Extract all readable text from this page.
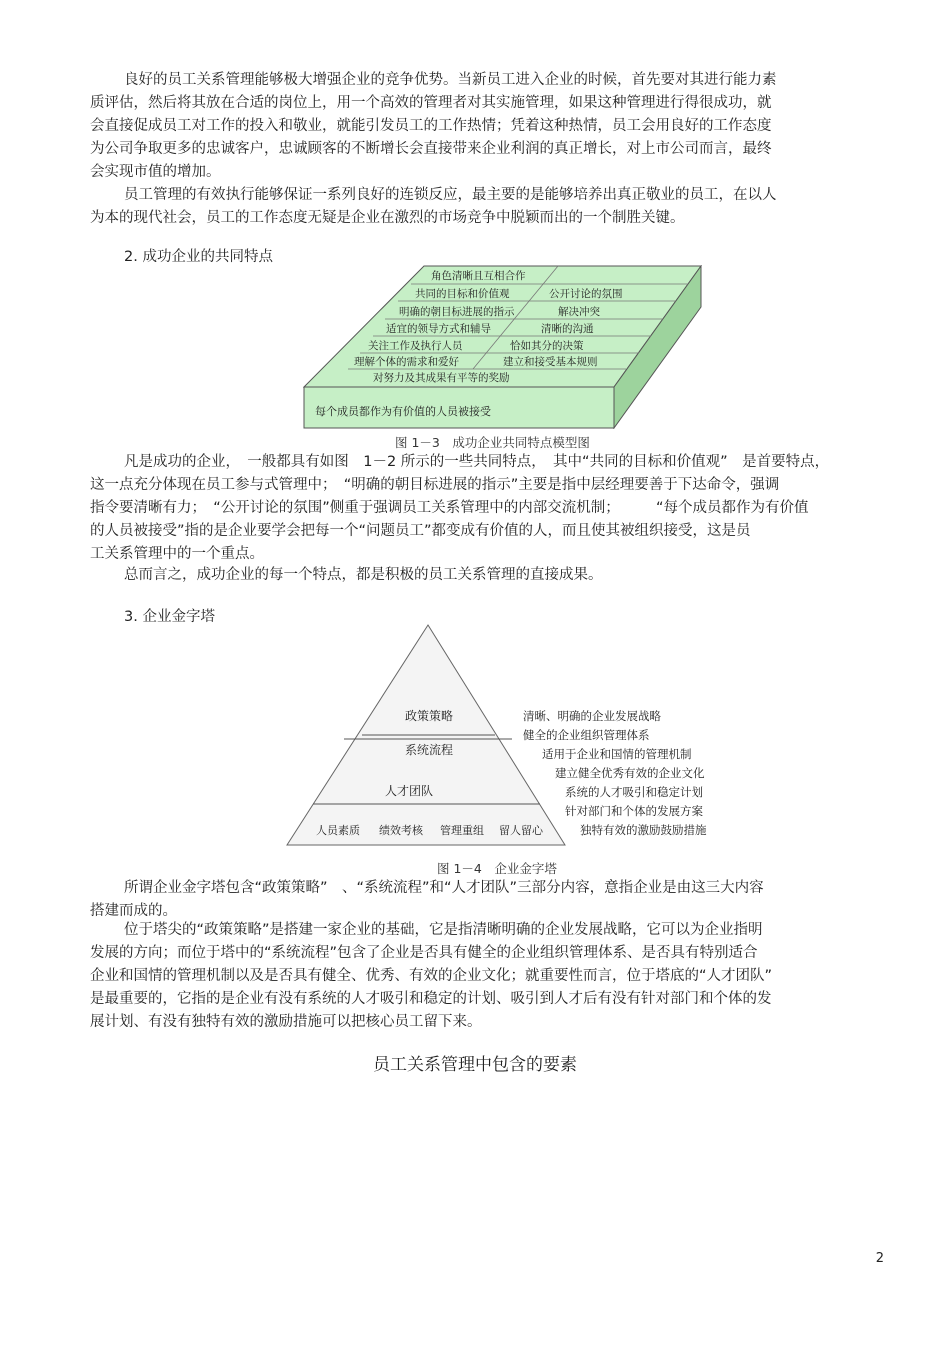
良好的员工关系管理能够极大增强企业的竞争优势。当新员工进入企业的时候，首先要对其进行能力素
质评估，然后将其放在合适的岗位上，用一个高效的管理者对其实施管理，如果这种管理进行得很成功，就
会直接促成员工对工作的投入和敬业，就能引发员工的工作热情；凭着这种热情，员工会用良好的工作态度
为公司争取更多的忠诚客户，忠诚顾客的不断增长会直接带来企业利润的真正增长，对上市公司而言，最终
会实现市值的增加。
员工管理的有效执行能够保证一系列良好的连锁反应，最主要的是能够培养出真正敬业的员工，在以人
为本的现代社会，员工的工作态度无疑是企业在激烈的市场竞争中脱颖而出的一个制胜关键。
2. 成功企业的共同特点
角色清晰且互相合作
共同的目标和价值观
明确的朝目标进展的指示
适宜的领导方式和辅导
关注工作及执行人员
理解个体的需求和爱好
对努力及其成果有平等的奖励
公开讨论的氛围
解决冲突
清晰的沟通
恰如其分的决策
建立和接受基本规则
每个成员都作为有价值的人员被接受
图 1－3　成功企业共同特点模型图
凡是成功的企业，　一般都具有如图　1－2 所示的一些共同特点，　其中“共同的目标和价值观”　是首要特点，
这一点充分体现在员工参与式管理中；　“明确的朝目标进展的指示”主要是指中层经理要善于下达命令，强调
指令要清晰有力；　“公开讨论的氛围”侧重于强调员工关系管理中的内部交流机制；　　　“每个成员都作为有价值
的人员被接受”指的是企业要学会把每一个“问题员工”都变成有价值的人，而且使其被组织接受，这是员
工关系管理中的一个重点。
总而言之，成功企业的每一个特点，都是积极的员工关系管理的直接成果。
3. 企业金字塔
政策策略
系统流程
人才团队
人员素质 绩效考核 管理重组 留人留心
清晰、明确的企业发展战略
健全的企业组织管理体系
适用于企业和国情的管理机制
建立健全优秀有效的企业文化
系统的人才吸引和稳定计划
针对部门和个体的发展方案
独特有效的激励鼓励措施
图 1－4　企业金字塔
所谓企业金字塔包含“政策策略”　、“系统流程”和“人才团队”三部分内容，意指企业是由这三大内容
搭建而成的。
位于塔尖的“政策策略”是搭建一家企业的基础，它是指清晰明确的企业发展战略，它可以为企业指明
发展的方向；而位于塔中的“系统流程”包含了企业是否具有健全的企业组织管理体系、是否具有特别适合
企业和国情的管理机制以及是否具有健全、优秀、有效的企业文化；就重要性而言，位于塔底的“人才团队”
是最重要的，它指的是企业有没有系统的人才吸引和稳定的计划、吸引到人才后有没有针对部门和个体的发
展计划、有没有独特有效的激励措施可以把核心员工留下来。
员工关系管理中包含的要素
2
